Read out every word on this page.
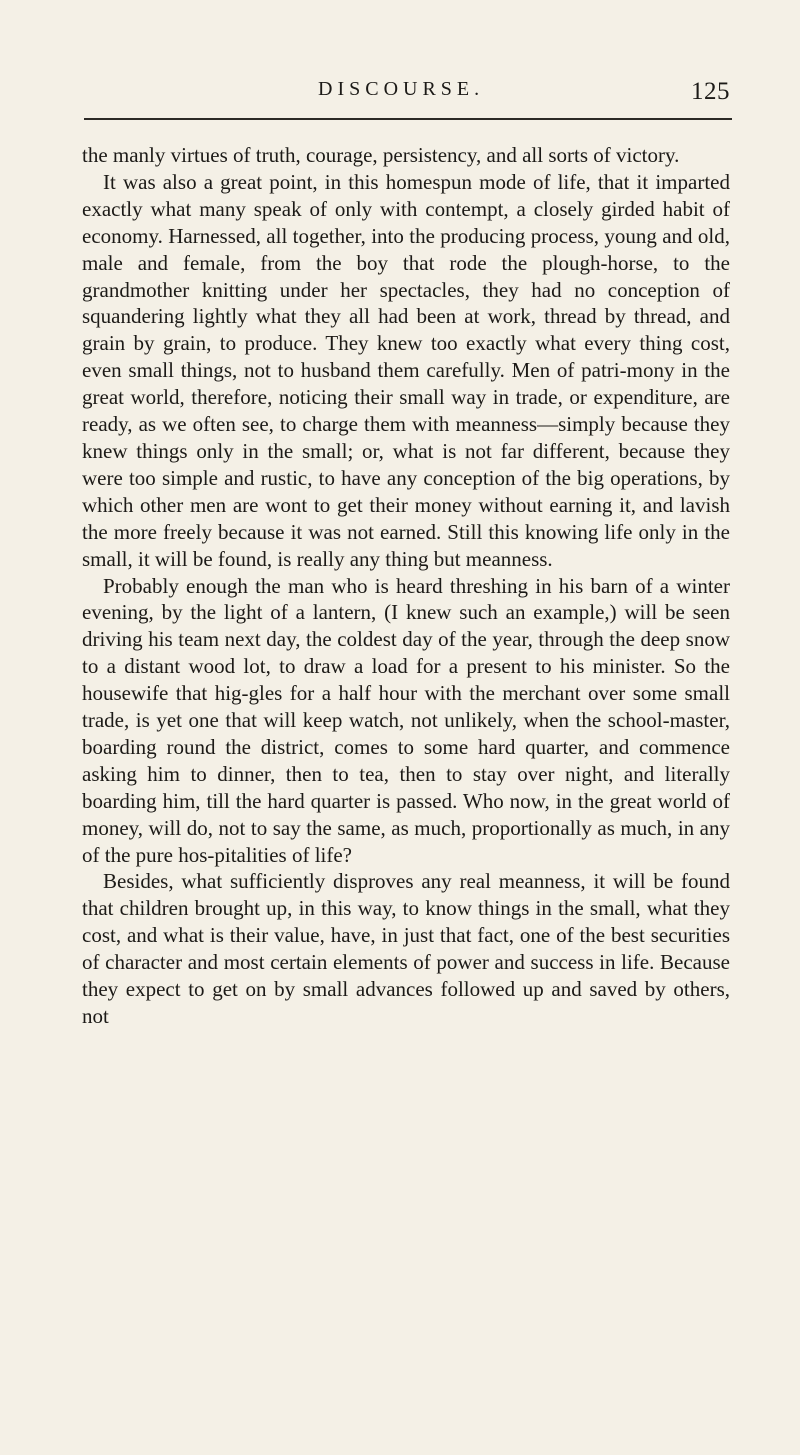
DISCOURSE.	125

the manly virtues of truth, courage, persistency, and all sorts of victory.

It was also a great point, in this homespun mode of life, that it imparted exactly what many speak of only with contempt, a closely girded habit of economy. Harnessed, all together, into the producing process, young and old, male and female, from the boy that rode the plough-horse, to the grandmother knitting under her spectacles, they had no conception of squandering lightly what they all had been at work, thread by thread, and grain by grain, to produce. They knew too exactly what every thing cost, even small things, not to husband them carefully. Men of patri-mony in the great world, therefore, noticing their small way in trade, or expenditure, are ready, as we often see, to charge them with meanness—simply because they knew things only in the small; or, what is not far different, because they were too simple and rustic, to have any conception of the big operations, by which other men are wont to get their money without earning it, and lavish the more freely because it was not earned. Still this knowing life only in the small, it will be found, is really any thing but meanness.

Probably enough the man who is heard threshing in his barn of a winter evening, by the light of a lantern, (I knew such an example,) will be seen driving his team next day, the coldest day of the year, through the deep snow to a distant wood lot, to draw a load for a present to his minister. So the housewife that hig-gles for a half hour with the merchant over some small trade, is yet one that will keep watch, not unlikely, when the school-master, boarding round the district, comes to some hard quarter, and commence asking him to dinner, then to tea, then to stay over night, and literally boarding him, till the hard quarter is passed. Who now, in the great world of money, will do, not to say the same, as much, proportionally as much, in any of the pure hos-pitalities of life?

Besides, what sufficiently disproves any real meanness, it will be found that children brought up, in this way, to know things in the small, what they cost, and what is their value, have, in just that fact, one of the best securities of character and most certain elements of power and success in life. Because they expect to get on by small advances followed up and saved by others, not
